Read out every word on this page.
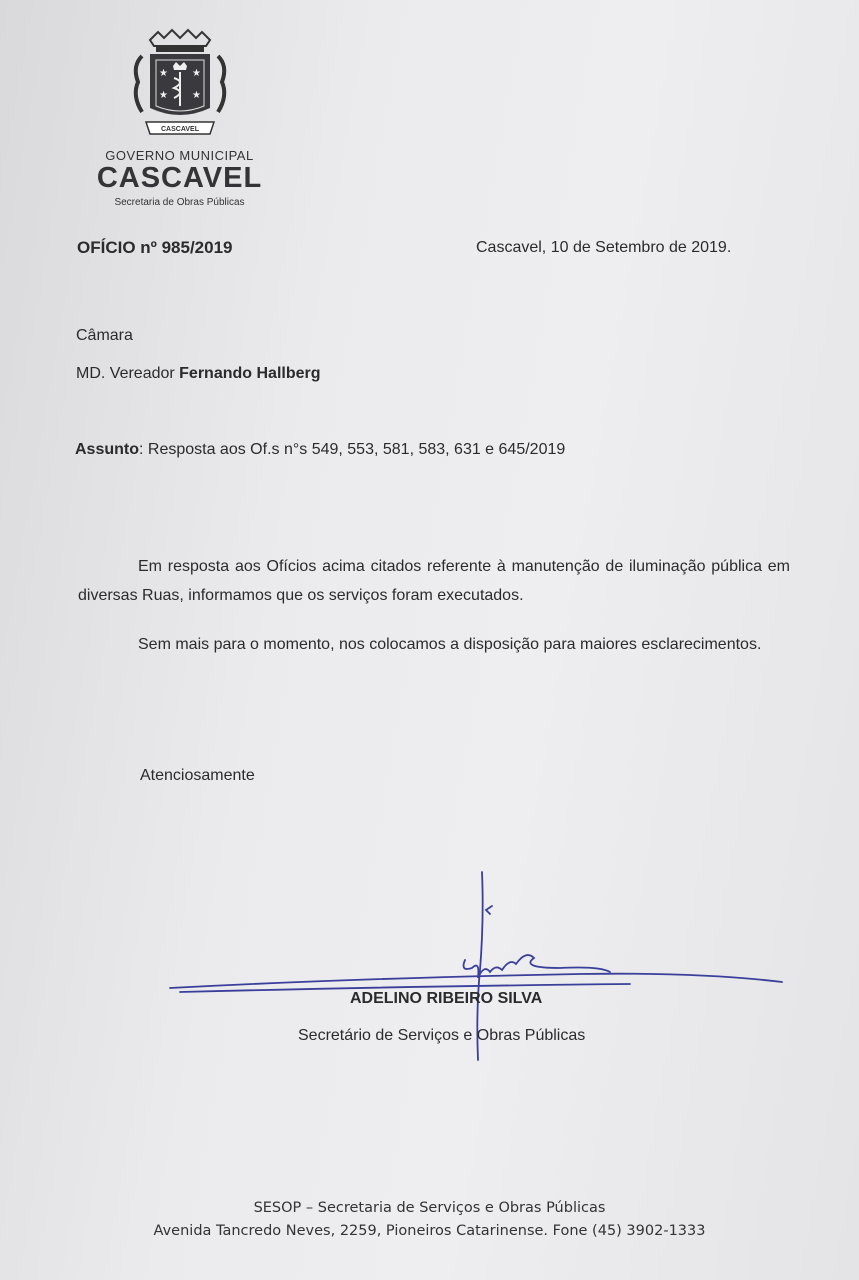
★ ★
★ ★
CASCAVEL
GOVERNO MUNICIPAL
CASCAVEL
Secretaria de Obras Públicas
OFÍCIO nº 985/2019	Cascavel, 10 de Setembro de 2019.
Câmara
MD. Vereador Fernando Hallberg
Assunto: Resposta aos Of.s n°s 549, 553, 581, 583, 631 e 645/2019
Em resposta aos Ofícios acima citados referente à manutenção de iluminação pública em diversas Ruas, informamos que os serviços foram executados.
Sem mais para o momento, nos colocamos a disposição para maiores esclarecimentos.
Atenciosamente
ADELINO RIBEIRO SILVA
Secretário de Serviços e Obras Públicas
SESOP – Secretaria de Serviços e Obras Públicas
Avenida Tancredo Neves, 2259, Pioneiros Catarinense. Fone (45) 3902-1333
